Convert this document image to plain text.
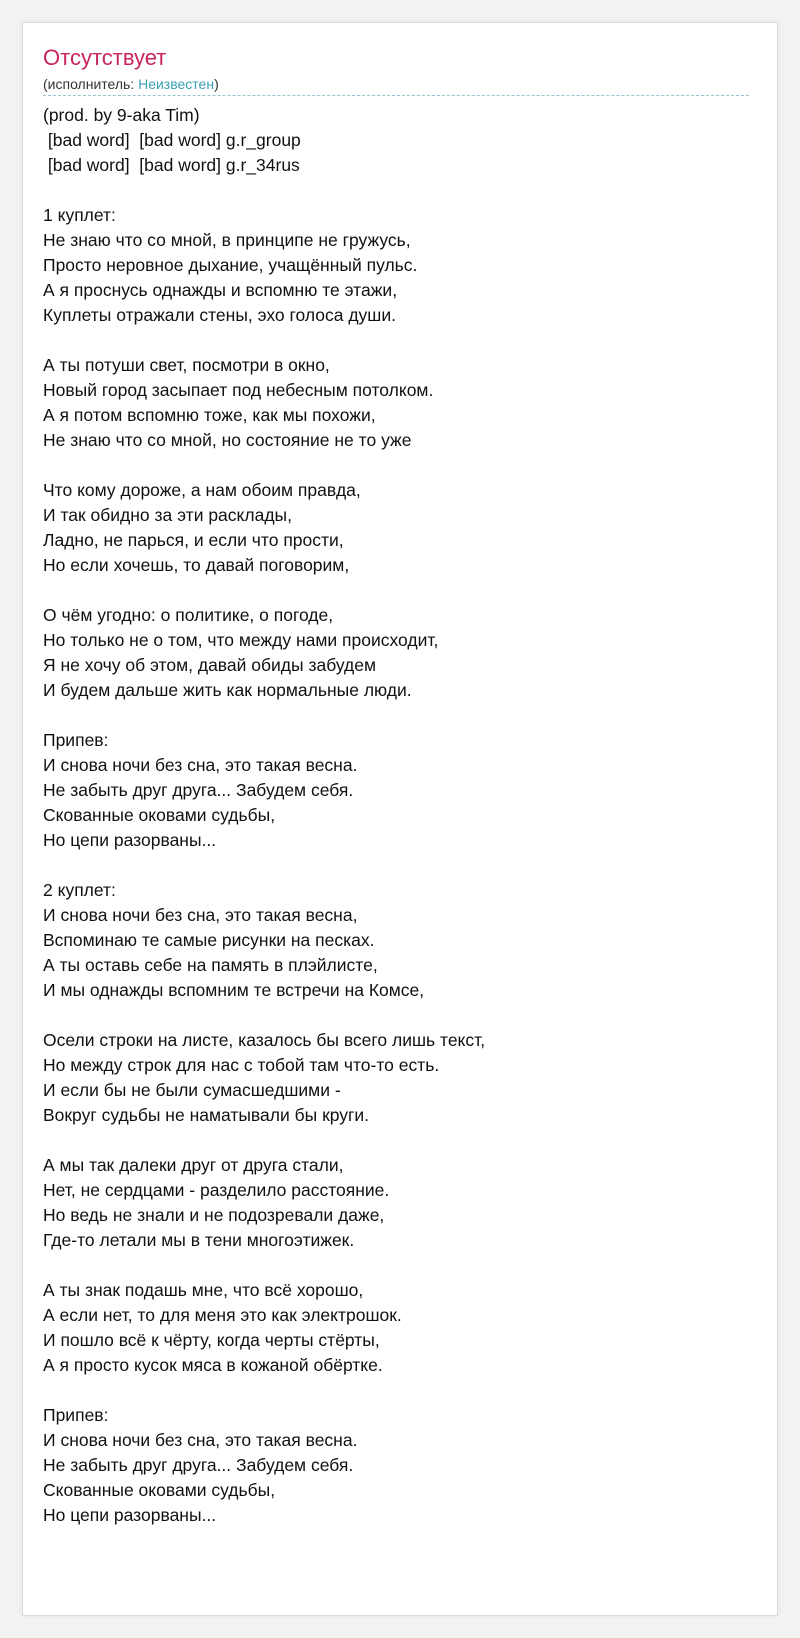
Отсутствует
(исполнитель: Неизвестен)
(prod. by 9-aka Tim)
[bad word]  [bad word] g.r_group
[bad word]  [bad word] g.r_34rus
1 куплет:
Не знаю что со мной, в принципе не гружусь,
Просто неровное дыхание, учащённый пульс.
А я проснусь однажды и вспомню те этажи,
Куплеты отражали стены, эхо голоса души.
А ты потуши свет, посмотри в окно,
Новый город засыпает под небесным потолком.
А я потом вспомню тоже, как мы похожи,
Не знаю что со мной, но состояние не то уже
Что кому дороже, а нам обоим правда,
И так обидно за эти расклады,
Ладно, не парься, и если что прости,
Но если хочешь, то давай поговорим,
О чём угодно: о политике, о погоде,
Но только не о том, что между нами происходит,
Я не хочу об этом, давай обиды забудем
И будем дальше жить как нормальные люди.
Припев:
И снова ночи без сна, это такая весна.
Не забыть друг друга... Забудем себя.
Скованные оковами судьбы,
Но цепи разорваны...
2 куплет:
И снова ночи без сна, это такая весна,
Вспоминаю те самые рисунки на песках.
А ты оставь себе на память в плэйлисте,
И мы однажды вспомним те встречи на Комсе,
Осели строки на листе, казалось бы всего лишь текст,
Но между строк для нас с тобой там что-то есть.
И если бы не были сумасшедшими -
Вокруг судьбы не наматывали бы круги.
А мы так далеки друг от друга стали,
Нет, не сердцами - разделило расстояние.
Но ведь не знали и не подозревали даже,
Где-то летали мы в тени многоэтижек.
А ты знак подашь мне, что всё хорошо,
А если нет, то для меня это как электрошок.
И пошло всё к чёрту, когда черты стёрты,
А я просто кусок мяса в кожаной обёртке.
Припев:
И снова ночи без сна, это такая весна.
Не забыть друг друга... Забудем себя.
Скованные оковами судьбы,
Но цепи разорваны...
